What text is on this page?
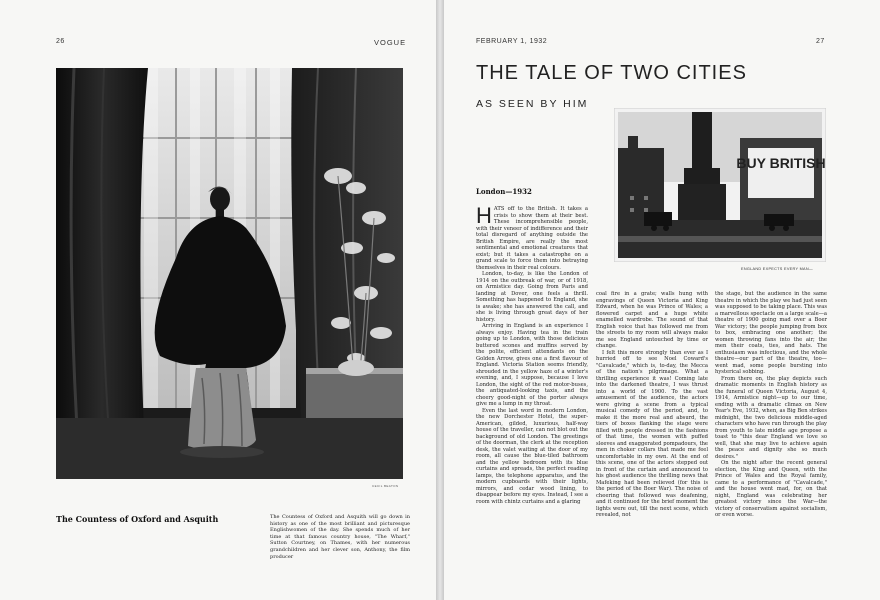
26	VOGUE
CECIL BEATON
The Countess of Oxford and Asquith	The Countess of Oxford and Asquith will go down in history as one of the most brilliant and picturesque Englishwomen of the day. She spends much of her time at that famous country house, "The Wharf," Sutton Courtney, on Thames, with her numerous grandchildren and her clever son, Anthony, the film producer

FEBRUARY 1, 1932	27
THE TALE OF TWO CITIES
AS SEEN BY HIM
BUY BRITISH
ENGLAND EXPECTS EVERY MAN—
London—1932

HATS off to the British. It takes a crisis to show them at their best. These incomprehensible people, with their veneer of indifference and their total disregard of anything outside the British Empire, are really the most sentimental and emotional creatures that exist; but it takes a catastrophe on a grand scale to force them into betraying themselves in their real colours.

London, to-day, is like the London of 1914 on the outbreak of war, or of 1918, on Armistice day. Going from Paris and landing at Dover, one feels a thrill. Something has happened to England, she is awake; she has answered the call, and she is living through great days of her history.

Arriving in England is an experience I always enjoy. Having tea in the train going up to London, with those delicious buttered scones and muffins served by the polite, efficient attendants on the Golden Arrow, gives one a first flavour of England. Victoria Station seems friendly, shrouded in the yellow haze of a winter's evening, and, I suppose, because I love London, the sight of the red motor-buses, the antiquated-looking taxis, and the cheery good-night of the porter always give me a lump in my throat.

Even the last word in modern London, the new Dorchester Hotel, the super-American, gilded, luxurious, half-way house of the traveller, can not blot out the background of old London. The greetings of the doorman, the clerk at the reception desk, the valet waiting at the door of my room, all cause the blue-tiled bathroom and the yellow bedroom with its blue curtains and spreads, the perfect reading lamps, the telephone apparatus, and the modern cupboards with their lights, mirrors, and cedar wood lining, to disappear before my eyes. Instead, I see a room with chintz curtains and a glaring

coal fire in a grate; walls hung with engravings of Queen Victoria and King Edward, when he was Prince of Wales; a flowered carpet and a huge white enamelled wardrobe. The sound of that English voice that has followed me from the streets to my room will always make me see England untouched by time or change.

I felt this more strongly than ever as I hurried off to see Noel Coward's "Cavalcade," which is, to-day, the Mecca of the nation's pilgrimage. What a thrilling experience it was! Coming late into the darkened theatre, I was thrust into a world of 1900. To the vast amusement of the audience, the actors were giving a scene from a typical musical comedy of the period, and, to make it the more real and absurd, the tiers of boxes flanking the stage were filled with people dressed in the fashions of that time, the women with puffed sleeves and exaggerated pompadours, the men in choker collars that made me feel uncomfortable in my own. At the end of this scene, one of the actors stepped out in front of the curtain and announced to his ghost audience the thrilling news that Mafeking had been relieved (for this is the period of the Boer War). The noise of cheering that followed was deafening, and it continued for the brief moment the lights were out, till the next scene, which revealed, not

the stage, but the audience in the same theatre in which the play we had just seen was supposed to be taking place. This was a marvellous spectacle on a large scale—a theatre of 1900 going mad over a Boer War victory; the people jumping from box to box, embracing one another; the women throwing fans into the air; the men their coats, ties, and hats. The enthusiasm was infectious, and the whole theatre—our part of the theatre, too—went mad, some people bursting into hysterical sobbing.

From there on, the play depicts such dramatic moments in English history as the funeral of Queen Victoria, August 4, 1914, Armistice night—up to our time, ending with a dramatic climax on New Year's Eve, 1932, when, as Big Ben strikes midnight, the two delicious middle-aged characters who have run through the play from youth to late middle age propose a toast to "this dear England we love so well, that she may live to achieve again the peace and dignity she so much desires."

On the night after the recent general election, the King and Queen, with the Prince of Wales and the Royal family, came to a performance of "Cavalcade," and the house went mad, for, on that night, England was celebrating her greatest victory since the War—the victory of conservatism against socialism, or even worse.
